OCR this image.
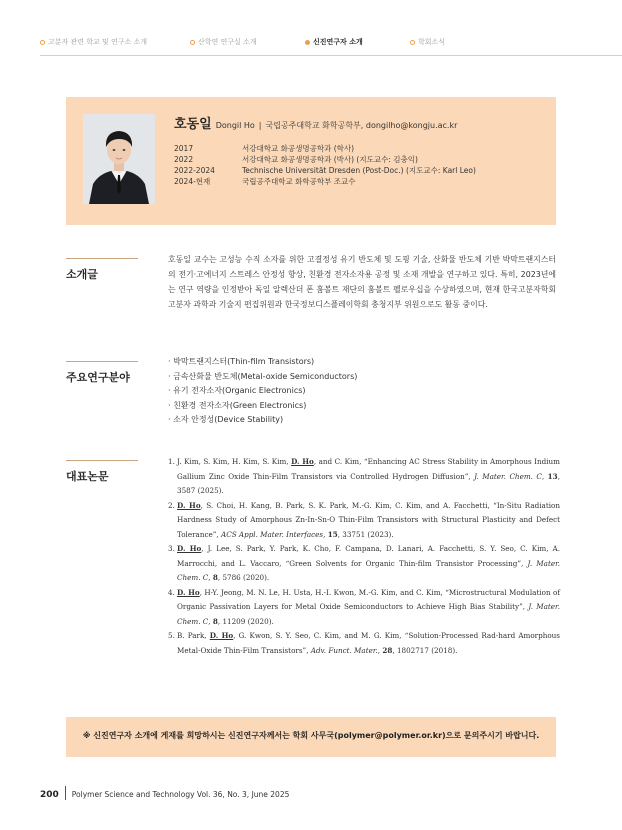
고분자 관련 학교 및 연구소 소개	산학연 연구실 소개	신진연구자 소개	학회소식
호동일 Dongil Ho | 국립공주대학교 화학공학부, dongilho@kongju.ac.kr
2017	서강대학교 화공생명공학과 (학사)
2022	서강대학교 화공생명공학과 (박사) (지도교수: 김충익)
2022-2024	Technische Universität Dresden (Post-Doc.) (지도교수: Karl Leo)
2024-현재	국립공주대학교 화학공학부 조교수
소개글
호동일 교수는 고성능 수직 소자를 위한 고결정성 유기 반도체 및 도핑 기술, 산화물 반도체 기반 박막트랜지스터의 전기·고에너지 스트레스 안정성 향상, 친환경 전자소자용 공정 및 소재 개발을 연구하고 있다. 특히, 2023년에는 연구 역량을 인정받아 독일 알렉산더 폰 훔볼트 재단의 훔볼트 펠로우십을 수상하였으며, 현재 한국고분자학회 고분자 과학과 기술지 편집위원과 한국정보디스플레이학회 충청지부 위원으로도 활동 중이다.
주요연구분야
· 박막트랜지스터(Thin-film Transistors)
· 금속산화물 반도체(Metal-oxide Semiconductors)
· 유기 전자소자(Organic Electronics)
· 친환경 전자소자(Green Electronics)
· 소자 안정성(Device Stability)
대표논문
1. J. Kim, S. Kim, H. Kim, S. Kim, D. Ho, and C. Kim, “Enhancing AC Stress Stability in Amorphous Indium Gallium Zinc Oxide Thin-Film Transistors via Controlled Hydrogen Diffusion”, J. Mater. Chem. C, 13, 3587 (2025).
2. D. Ho, S. Choi, H. Kang, B. Park, S. K. Park, M.-G. Kim, C. Kim, and A. Facchetti, “In-Situ Radiation Hardness Study of Amorphous Zn-In-Sn-O Thin-Film Transistors with Structural Plasticity and Defect Tolerance”, ACS Appl. Mater. Interfaces, 15, 33751 (2023).
3. D. Ho, J. Lee, S. Park, Y. Park, K. Cho, F. Campana, D. Lanari, A. Facchetti, S. Y. Seo, C. Kim, A. Marrocchi, and L. Vaccaro, “Green Solvents for Organic Thin-film Transistor Processing”, J. Mater. Chem. C, 8, 5786 (2020).
4. D. Ho, H-Y. Jeong, M. N. Le, H. Usta, H.-I. Kwon, M.-G. Kim, and C. Kim, “Microstructural Modulation of Organic Passivation Layers for Metal Oxide Semiconductors to Achieve High Bias Stability”, J. Mater. Chem. C, 8, 11209 (2020).
5. B. Park, D. Ho, G. Kwon, S. Y. Seo, C. Kim, and M. G. Kim, “Solution-Processed Rad-hard Amorphous Metal-Oxide Thin-Film Transistors”, Adv. Funct. Mater., 28, 1802717 (2018).
※ 신진연구자 소개에 게재를 희망하시는 신진연구자께서는 학회 사무국(polymer@polymer.or.kr)으로 문의주시기 바랍니다.
200 Polymer Science and Technology Vol. 36, No. 3, June 2025
